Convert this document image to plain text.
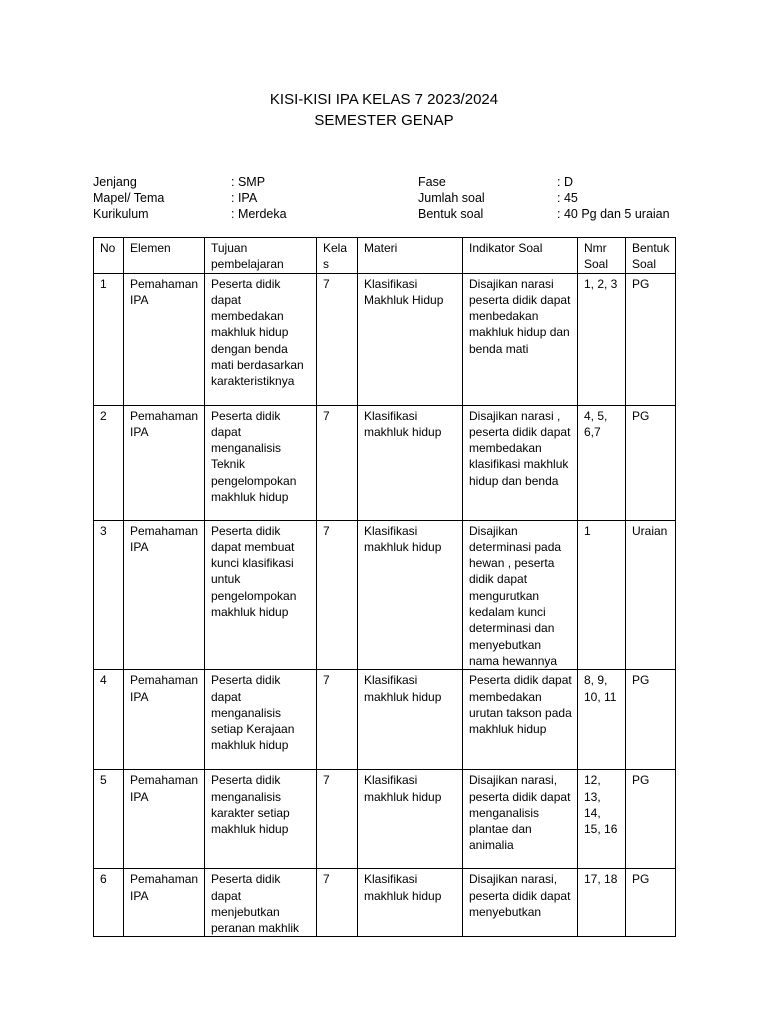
KISI-KISI IPA KELAS 7 2023/2024
SEMESTER GENAP
Jenjang	: SMP
Mapel/ Tema	: IPA
Kurikulum	: Merdeka
Fase	: D
Jumlah soal	: 45
Bentuk soal	: 40 Pg dan 5 uraian
No	Elemen	Tujuan pembelajaran	Kelas	Materi	Indikator Soal	Nmr Soal	Bentuk Soal
1	Pemahaman IPA	Peserta didik dapat membedakan makhluk hidup dengan benda mati berdasarkan karakteristiknya	7	Klasifikasi Makhluk Hidup	Disajikan narasi peserta didik dapat menbedakan makhluk hidup dan benda mati	1, 2, 3	PG
2	Pemahaman IPA	Peserta didik dapat menganalisis Teknik pengelompokan makhluk hidup	7	Klasifikasi makhluk hidup	Disajikan narasi , peserta didik dapat membedakan klasifikasi makhluk hidup dan benda	4, 5, 6,7	PG
3	Pemahaman IPA	Peserta didik dapat membuat kunci klasifikasi untuk pengelompokan makhluk hidup	7	Klasifikasi makhluk hidup	Disajikan determinasi pada hewan , peserta didik dapat mengurutkan kedalam kunci determinasi dan menyebutkan nama hewannya	1	Uraian
4	Pemahaman IPA	Peserta didik dapat menganalisis setiap Kerajaan makhluk hidup	7	Klasifikasi makhluk hidup	Peserta didik dapat membedakan urutan takson pada makhluk hidup	8, 9, 10, 11	PG
5	Pemahaman IPA	Peserta didik menganalisis karakter setiap makhluk hidup	7	Klasifikasi makhluk hidup	Disajikan narasi, peserta didik dapat menganalisis plantae dan animalia	12, 13, 14, 15, 16	PG
6	Pemahaman IPA	Peserta didik dapat menjebutkan peranan makhlik	7	Klasifikasi makhluk hidup	Disajikan narasi, peserta didik dapat menyebutkan	17, 18	PG
